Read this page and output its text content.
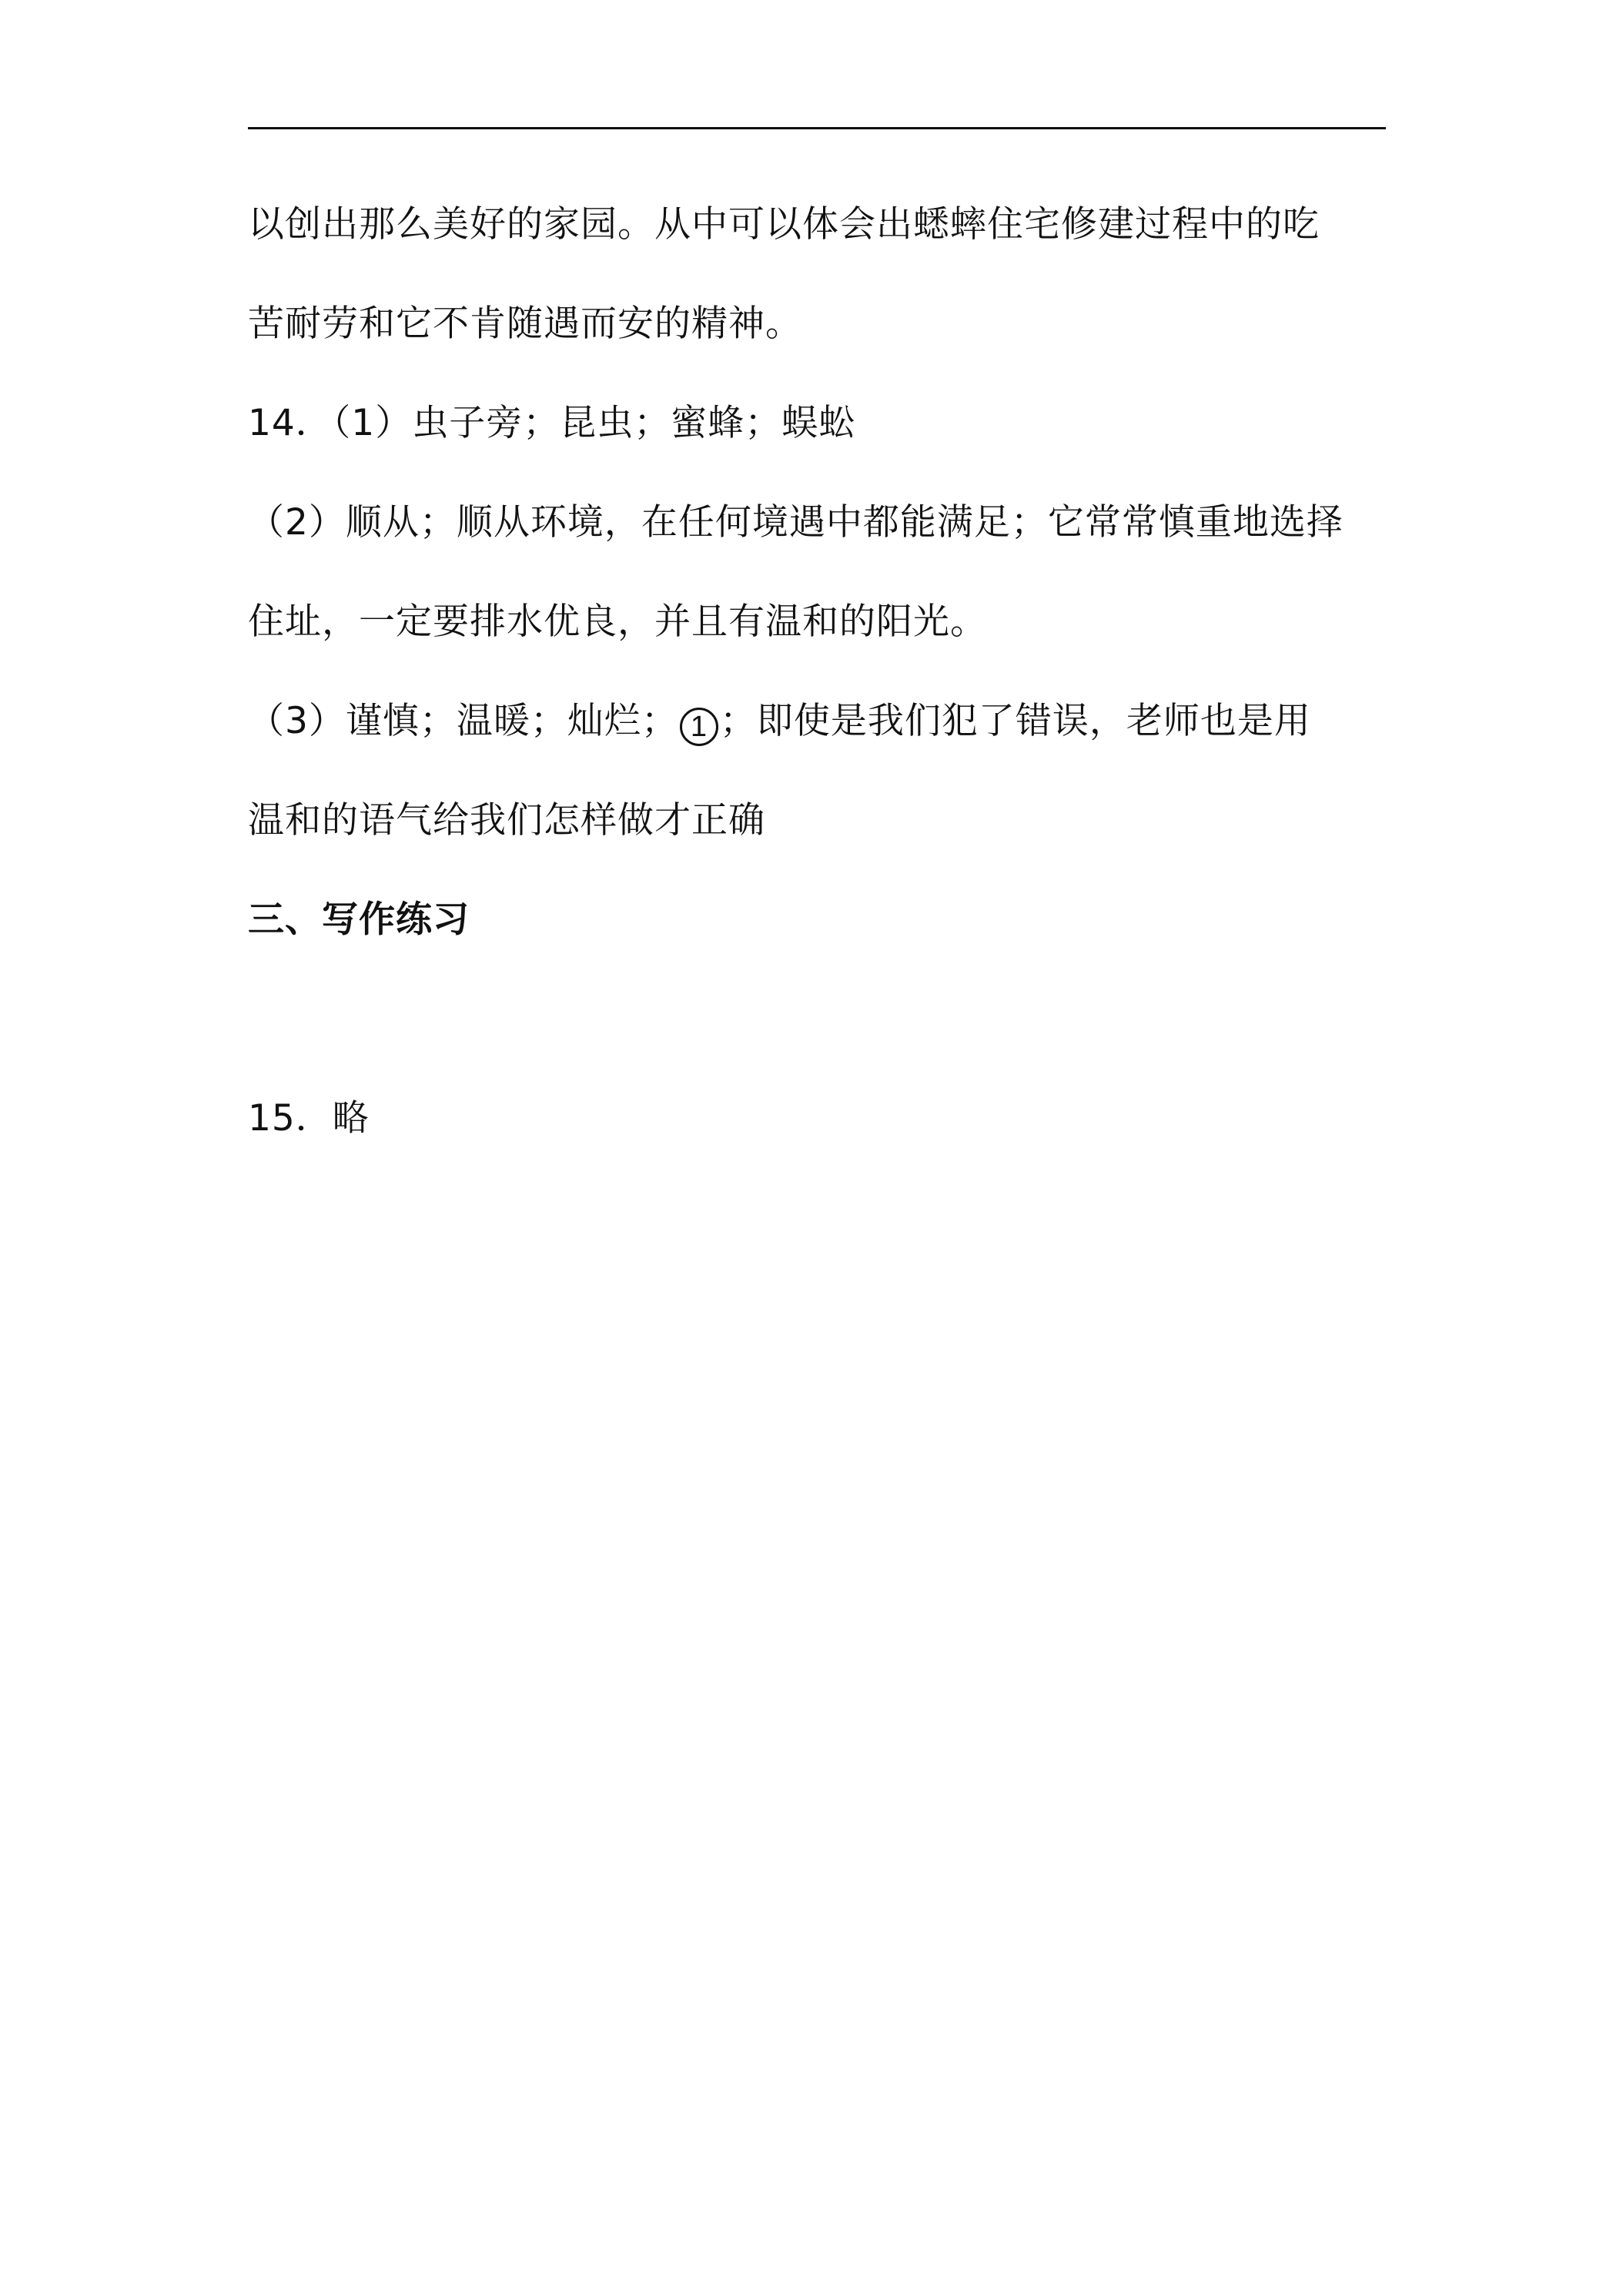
以创出那么美好的家园。从中可以体会出蟋蟀住宅修建过程中的吃
苦耐劳和它不肯随遇而安的精神。
14．（1）虫子旁；昆虫；蜜蜂；蜈蚣
（2）顺从；顺从环境，在任何境遇中都能满足；它常常慎重地选择
住址，一定要排水优良，并且有温和的阳光。
（3）谨慎；温暖；灿烂； 1 ；即使是我们犯了错误，老师也是用
温和的语气给我们怎样做才正确
三、写作练习
15．略
